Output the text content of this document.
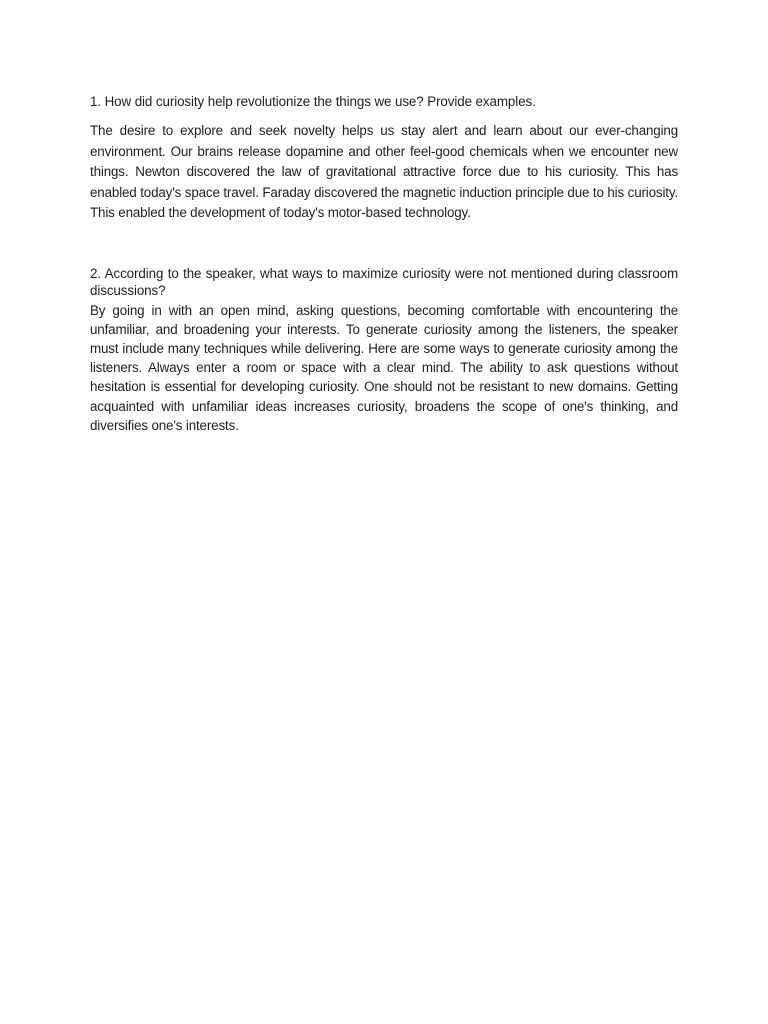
1. How did curiosity help revolutionize the things we use? Provide examples.

The desire to explore and seek novelty helps us stay alert and learn about our ever-changing environment. Our brains release dopamine and other feel-good chemicals when we encounter new things. Newton discovered the law of gravitational attractive force due to his curiosity. This has enabled today's space travel. Faraday discovered the magnetic induction principle due to his curiosity. This enabled the development of today's motor-based technology.

2. According to the speaker, what ways to maximize curiosity were not mentioned during classroom discussions?

By going in with an open mind, asking questions, becoming comfortable with encountering the unfamiliar, and broadening your interests. To generate curiosity among the listeners, the speaker must include many techniques while delivering. Here are some ways to generate curiosity among the listeners. Always enter a room or space with a clear mind. The ability to ask questions without hesitation is essential for developing curiosity. One should not be resistant to new domains. Getting acquainted with unfamiliar ideas increases curiosity, broadens the scope of one's thinking, and diversifies one's interests.
